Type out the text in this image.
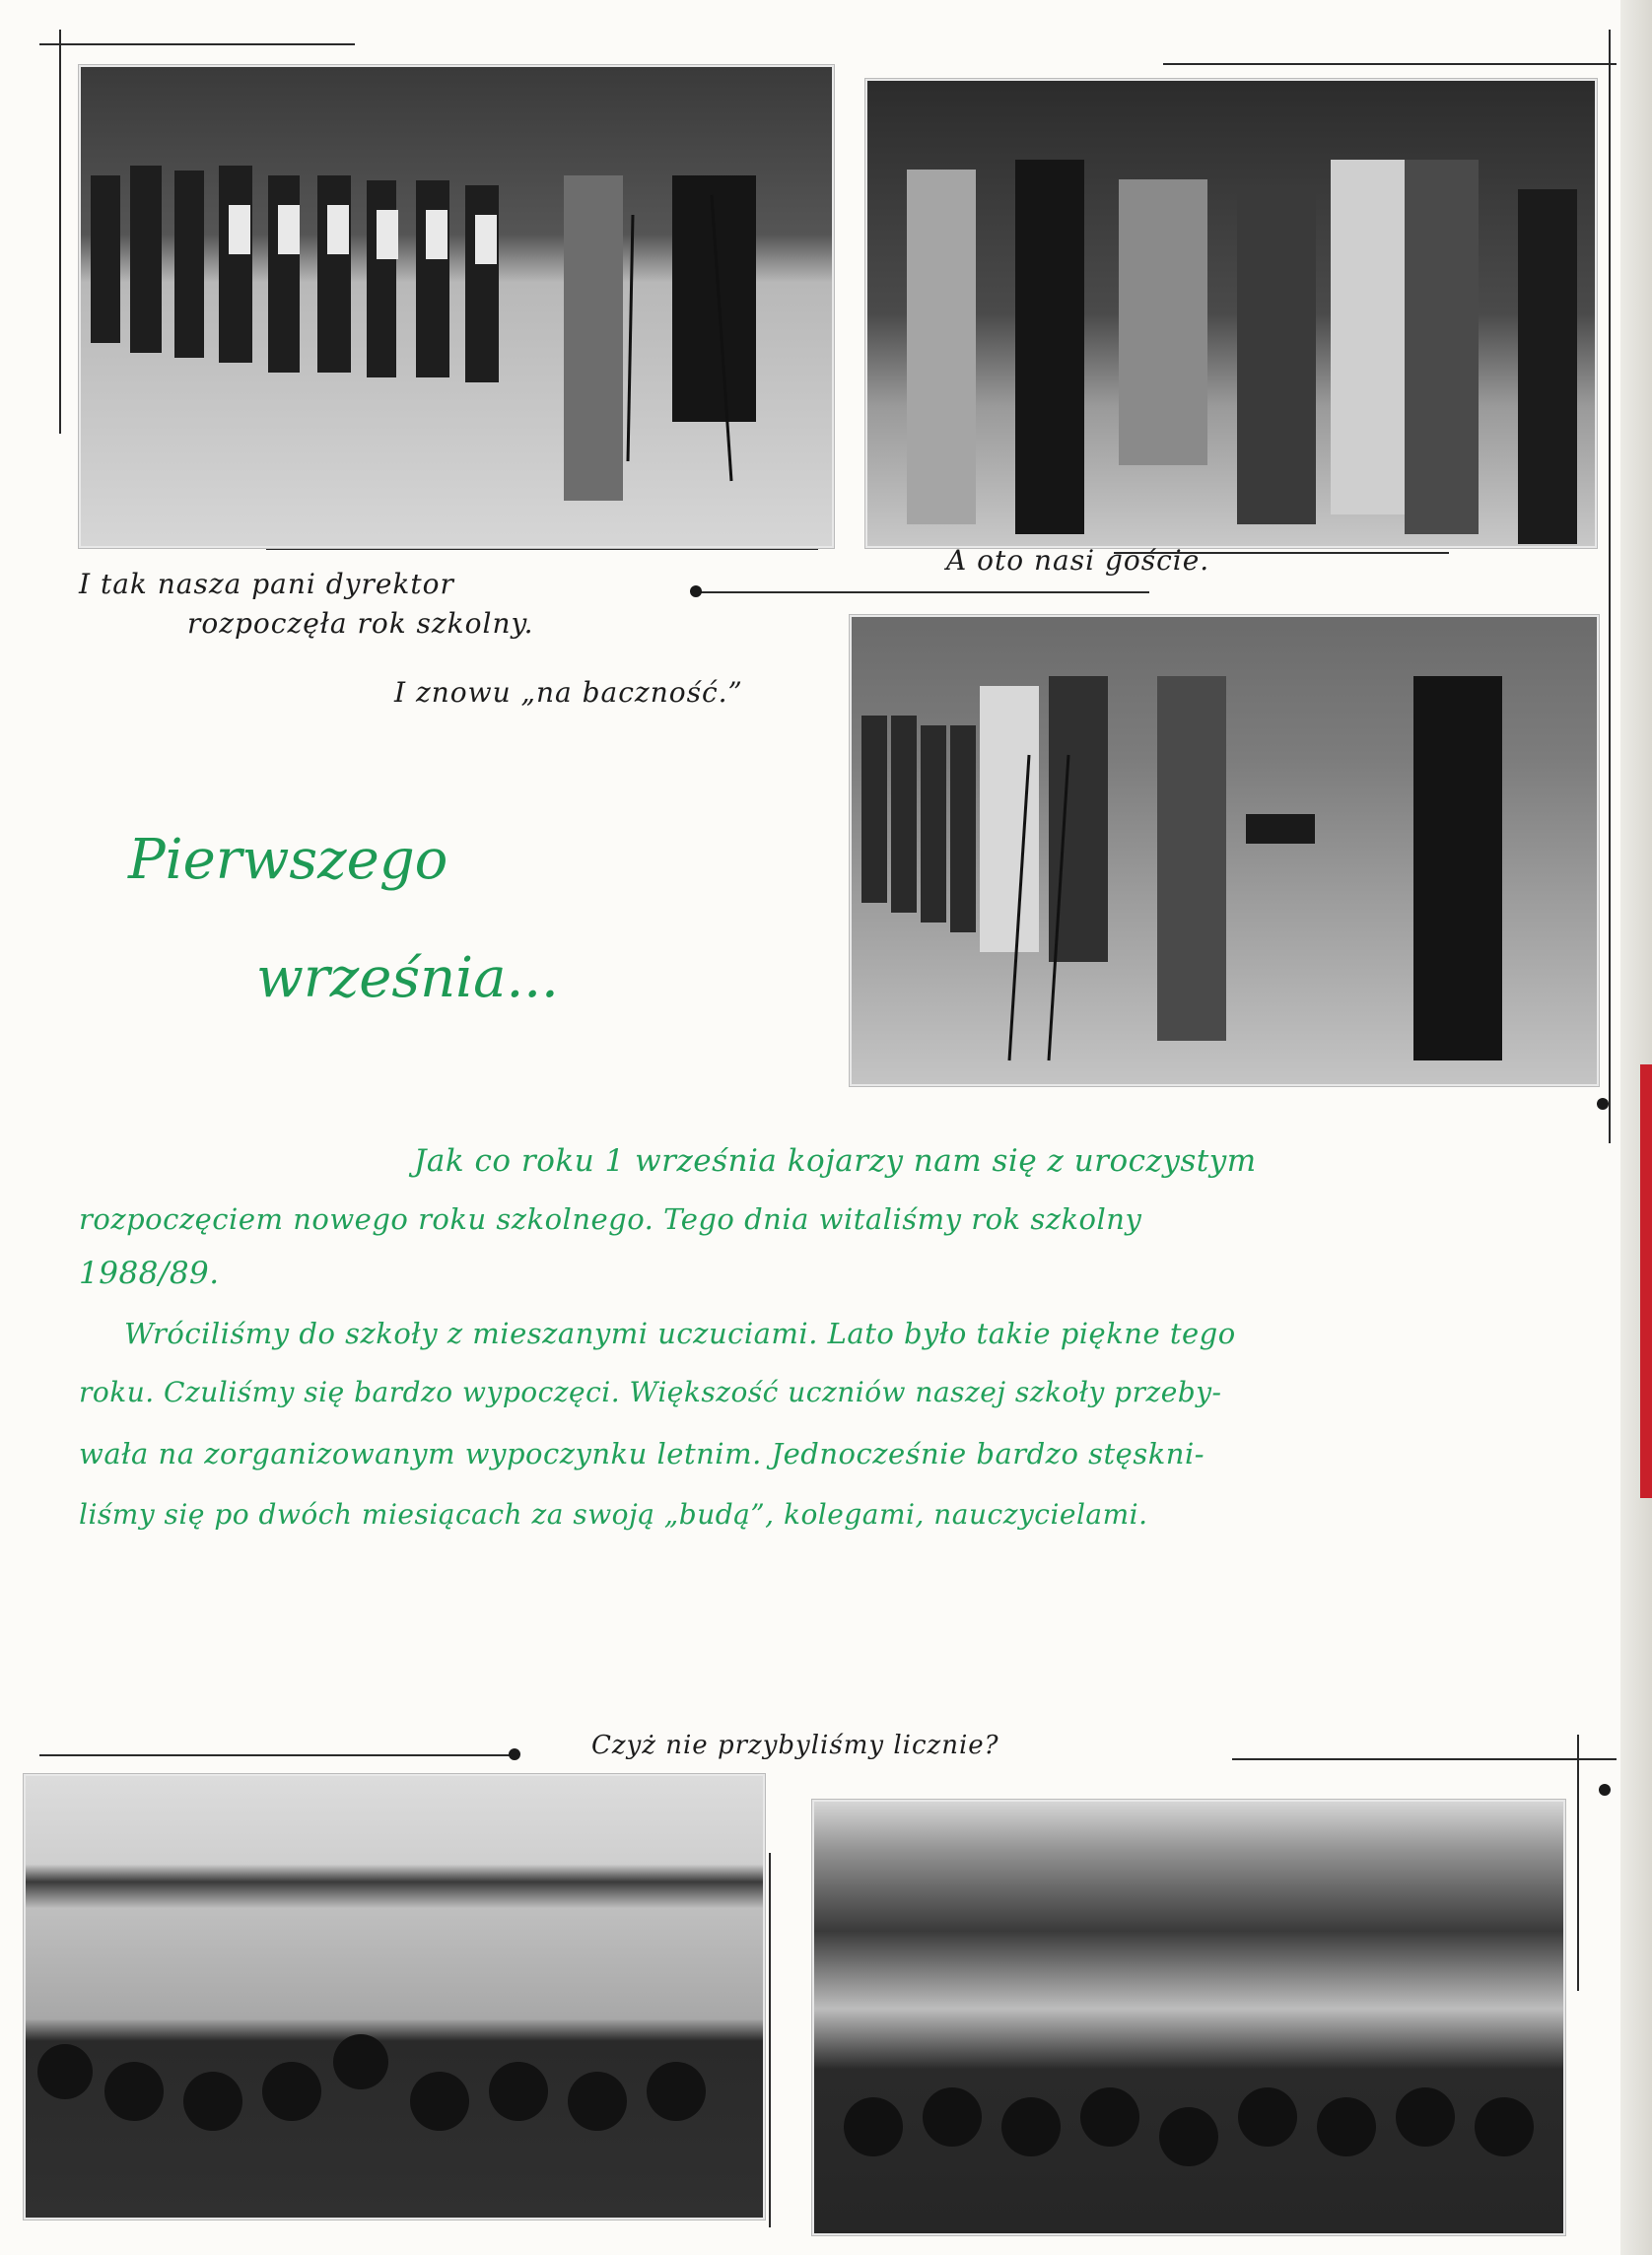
I tak nasza pani dyrektor
rozpoczęła rok szkolny.
A oto nasi goście.
I znowu „na baczność.”
Czyż nie przybyliśmy licznie?
Pierwszego
września...
Jak co roku 1 września kojarzy nam się z uroczystym
rozpoczęciem nowego roku szkolnego. Tego dnia witaliśmy rok szkolny
1988/89.
Wróciliśmy do szkoły z mieszanymi uczuciami. Lato było takie piękne tego
roku. Czuliśmy się bardzo wypoczęci. Większość uczniów naszej szkoły przeby-
wała na zorganizowanym wypoczynku letnim. Jednocześnie bardzo stęskni-
liśmy się po dwóch miesiącach za swoją „budą”, kolegami, nauczycielami.
